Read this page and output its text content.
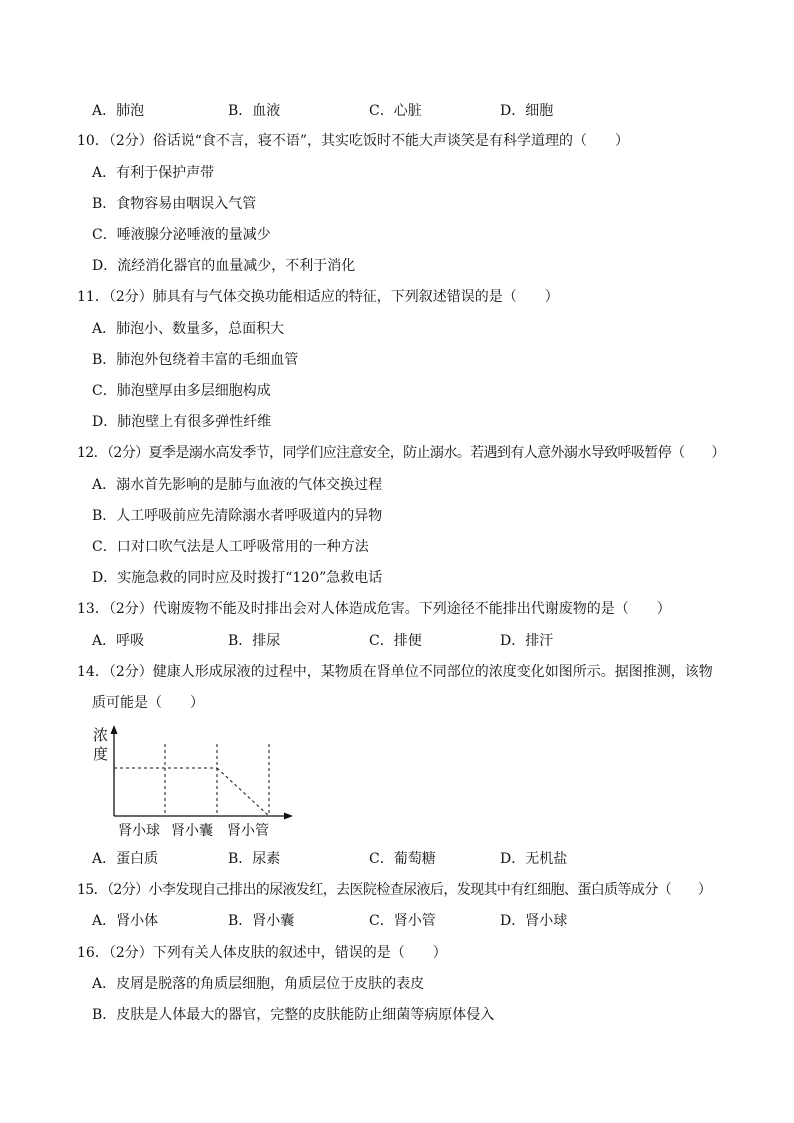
A．肺泡	B．血液	C．心脏	D．细胞
10．（2分）俗话说“食不言，寝不语”，其实吃饭时不能大声谈笑是有科学道理的（　　）
A．有利于保护声带
B．食物容易由咽误入气管
C．唾液腺分泌唾液的量减少
D．流经消化器官的血量减少，不利于消化
11．（2分）肺具有与气体交换功能相适应的特征，下列叙述错误的是（　　）
A．肺泡小、数量多，总面积大
B．肺泡外包绕着丰富的毛细血管
C．肺泡壁厚由多层细胞构成
D．肺泡壁上有很多弹性纤维
12．（2分）夏季是溺水高发季节，同学们应注意安全，防止溺水。若遇到有人意外溺水导致呼吸暂停（　　）
A．溺水首先影响的是肺与血液的气体交换过程
B．人工呼吸前应先清除溺水者呼吸道内的异物
C．口对口吹气法是人工呼吸常用的一种方法
D．实施急救的同时应及时拨打“120”急救电话
13．（2分）代谢废物不能及时排出会对人体造成危害。下列途径不能排出代谢废物的是（　　）
A．呼吸	B．排尿	C．排便	D．排汗
14．（2分）健康人形成尿液的过程中，某物质在肾单位不同部位的浓度变化如图所示。据图推测，该物
质可能是（　　）
浓
度
肾小球 肾小囊 肾小管
A．蛋白质	B．尿素	C．葡萄糖	D．无机盐
15．（2分）小李发现自己排出的尿液发红，去医院检查尿液后，发现其中有红细胞、蛋白质等成分（　　）
A．肾小体	B．肾小囊	C．肾小管	D．肾小球
16．（2分）下列有关人体皮肤的叙述中，错误的是（　　）
A．皮屑是脱落的角质层细胞，角质层位于皮肤的表皮
B．皮肤是人体最大的器官，完整的皮肤能防止细菌等病原体侵入
